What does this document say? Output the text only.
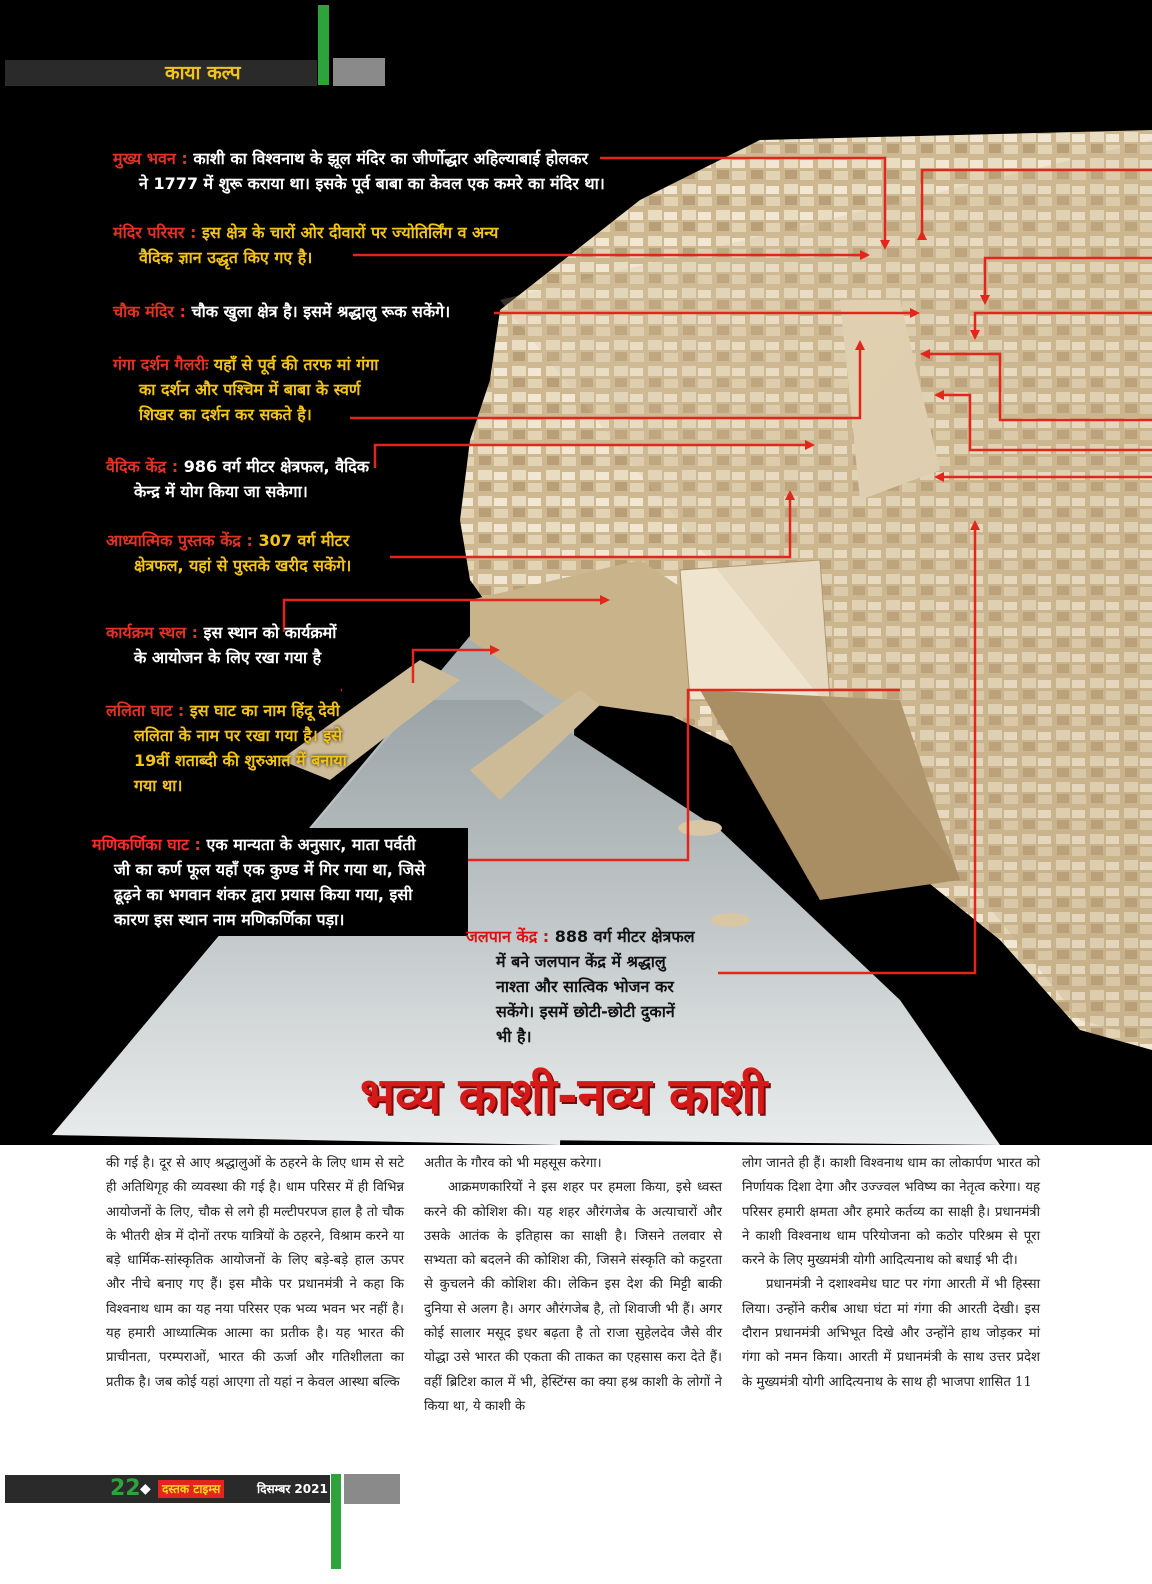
काया कल्प
मुख्य भवन : काशी का विश्वनाथ के झूल मंदिर का जीर्णोद्धार अहिल्याबाई होलकर
ने 1777 में शुरू कराया था। इसके पूर्व बाबा का केवल एक कमरे का मंदिर था।
मंदिर परिसर : इस क्षेत्र के चारों ओर दीवारों पर ज्योतिर्लिंग व अन्य
वैदिक ज्ञान उद्धृत किए गए है।
चौक मंदिर : चौक खुला क्षेत्र है। इसमें श्रद्धालु रूक सकेंगे।
गंगा दर्शन गैलरीः यहाँ से पूर्व की तरफ मां गंगा
का दर्शन और पश्चिम में बाबा के स्वर्ण
शिखर का दर्शन कर सकते है।
वैदिक केंद्र : 986 वर्ग मीटर क्षेत्रफल, वैदिक
केन्द्र में योग किया जा सकेगा।
आध्यात्मिक पुस्तक केंद्र : 307 वर्ग मीटर
क्षेत्रफल, यहां से पुस्तके खरीद सकेंगे।
कार्यक्रम स्थल : इस स्थान को कार्यक्रमों
के आयोजन के लिए रखा गया है
ललिता घाट : इस घाट का नाम हिंदू देवी
ललिता के नाम पर रखा गया है। इसे
19वीं शताब्दी की शुरुआत में बनाया
गया था।
मणिकर्णिका घाट : एक मान्यता के अनुसार, माता पर्वती
जी का कर्ण फूल यहाँ एक कुण्ड में गिर गया था, जिसे
ढूढ़ने का भगवान शंकर द्वारा प्रयास किया गया, इसी
कारण इस स्थान नाम मणिकर्णिका पड़ा।
जलपान केंद्र : 888 वर्ग मीटर क्षेत्रफल
में बने जलपान केंद्र में श्रद्धालु
नाश्ता और सात्विक भोजन कर
सकेंगे। इसमें छोटी-छोटी दुकानें
भी है।
भव्य काशी-नव्य काशी

की गई है। दूर से आए श्रद्धालुओं के ठहरने के लिए धाम से सटे ही अतिथिगृह की व्यवस्था की गई है। धाम परिसर में ही विभिन्न आयोजनों के लिए, चौक से लगे ही मल्टीपरपज हाल है तो चौक के भीतरी क्षेत्र में दोनों तरफ यात्रियों के ठहरने, विश्राम करने या बड़े धार्मिक-सांस्कृतिक आयोजनों के लिए बड़े-बड़े हाल ऊपर और नीचे बनाए गए हैं। इस मौके पर प्रधानमंत्री ने कहा कि विश्वनाथ धाम का यह नया परिसर एक भव्य भवन भर नहीं है। यह हमारी आध्यात्मिक आत्मा का प्रतीक है। यह भारत की प्राचीनता, परम्पराओं, भारत की ऊर्जा और गतिशीलता का प्रतीक है। जब कोई यहां आएगा तो यहां न केवल आस्था बल्कि

अतीत के गौरव को भी महसूस करेगा।

आक्रमणकारियों ने इस शहर पर हमला किया, इसे ध्वस्त करने की कोशिश की। यह शहर औरंगजेब के अत्याचारों और उसके आतंक के इतिहास का साक्षी है। जिसने तलवार से सभ्यता को बदलने की कोशिश की, जिसने संस्कृति को कट्टरता से कुचलने की कोशिश की। लेकिन इस देश की मिट्टी बाकी दुनिया से अलग है। अगर औरंगजेब है, तो शिवाजी भी हैं। अगर कोई सालार मसूद इधर बढ़ता है तो राजा सुहेलदेव जैसे वीर योद्धा उसे भारत की एकता की ताकत का एहसास करा देते हैं। वहीं ब्रिटिश काल में भी, हेस्टिंग्स का क्या हश्र काशी के लोगों ने किया था, ये काशी के

लोग जानते ही हैं। काशी विश्वनाथ धाम का लोकार्पण भारत को निर्णायक दिशा देगा और उज्ज्वल भविष्य का नेतृत्व करेगा। यह परिसर हमारी क्षमता और हमारे कर्तव्य का साक्षी है। प्रधानमंत्री ने काशी विश्वनाथ धाम परियोजना को कठोर परिश्रम से पूरा करने के लिए मुख्यमंत्री योगी आदित्यनाथ को बधाई भी दी।

प्रधानमंत्री ने दशाश्वमेध घाट पर गंगा आरती में भी हिस्सा लिया। उन्होंने करीब आधा घंटा मां गंगा की आरती देखी। इस दौरान प्रधानमंत्री अभिभूत दिखे और उन्होंने हाथ जोड़कर मां गंगा को नमन किया। आरती में प्रधानमंत्री के साथ उत्तर प्रदेश के मुख्यमंत्री योगी आदित्यनाथ के साथ ही भाजपा शासित 11

22 ◆ दस्तक टाइम्स	दिसम्बर 2021
